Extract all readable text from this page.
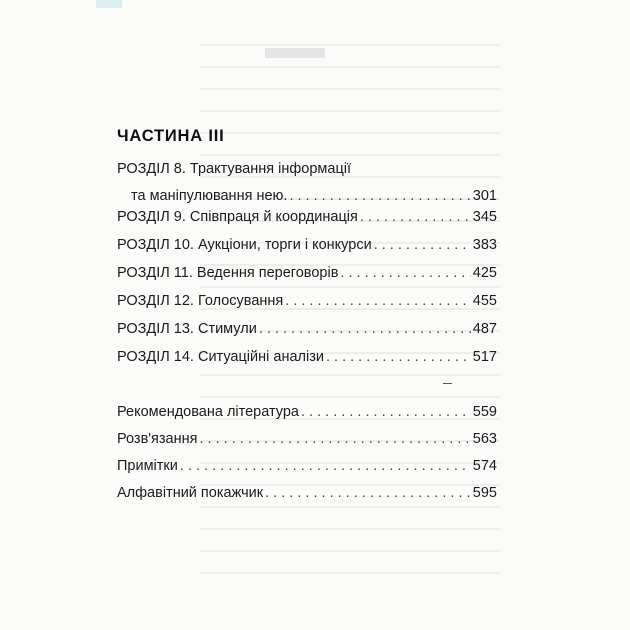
ЧАСТИНА III
РОЗДІЛ 8. Трактування інформації
та маніпулювання нею. . . .	301
РОЗДІЛ 9. Співпраця й координація . . .	345
РОЗДІЛ 10. Аукціони, торги і конкурси . . .	383
РОЗДІЛ 11. Ведення переговорів . . .	425
РОЗДІЛ 12. Голосування . . .	455
РОЗДІЛ 13. Стимули . . .	487
РОЗДІЛ 14. Ситуаційні аналізи . . .	517
Рекомендована література . . .	559
Розв'язання . . .	563
Примітки . . .	574
Алфавітний покажчик . . .	595
